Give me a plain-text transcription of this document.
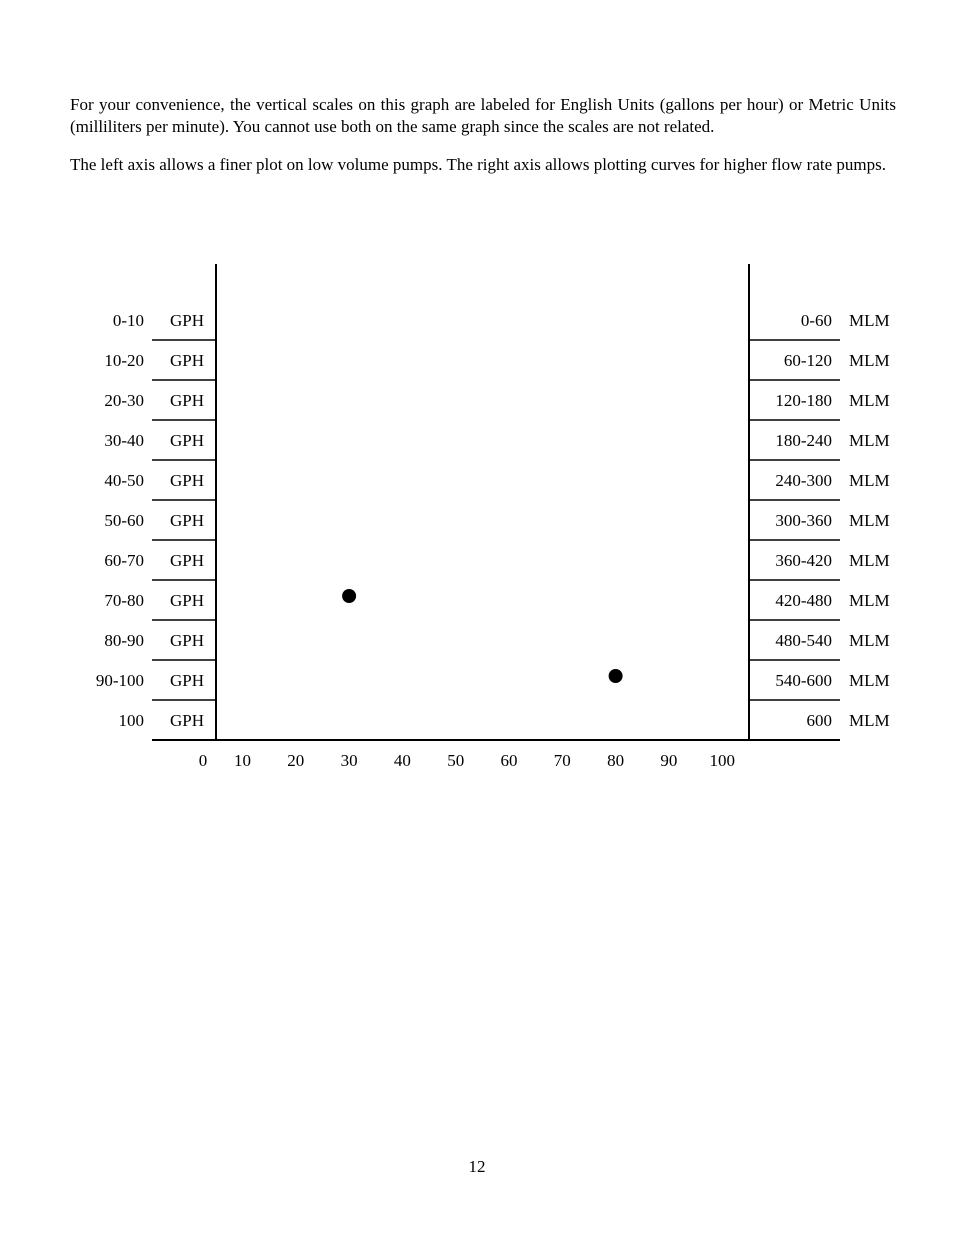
For your convenience, the vertical scales on this graph are labeled for English Units (gallons per hour) or Metric Units (milliliters per minute). You cannot use both on the same graph since the scales are not related.

The left axis allows a finer plot on low volume pumps. The right axis allows plotting curves for higher flow rate pumps.

0-10 GPH
10-20 GPH
20-30 GPH
30-40 GPH
40-50 GPH
50-60 GPH
60-70 GPH
70-80 GPH
80-90 GPH
90-100 GPH
100 GPH
0-60 MLM
60-120 MLM
120-180 MLM
180-240 MLM
240-300 MLM
300-360 MLM
360-420 MLM
420-480 MLM
480-540 MLM
540-600 MLM
600 MLM
0 10 20 30 40 50 60 70 80 90 100
12
